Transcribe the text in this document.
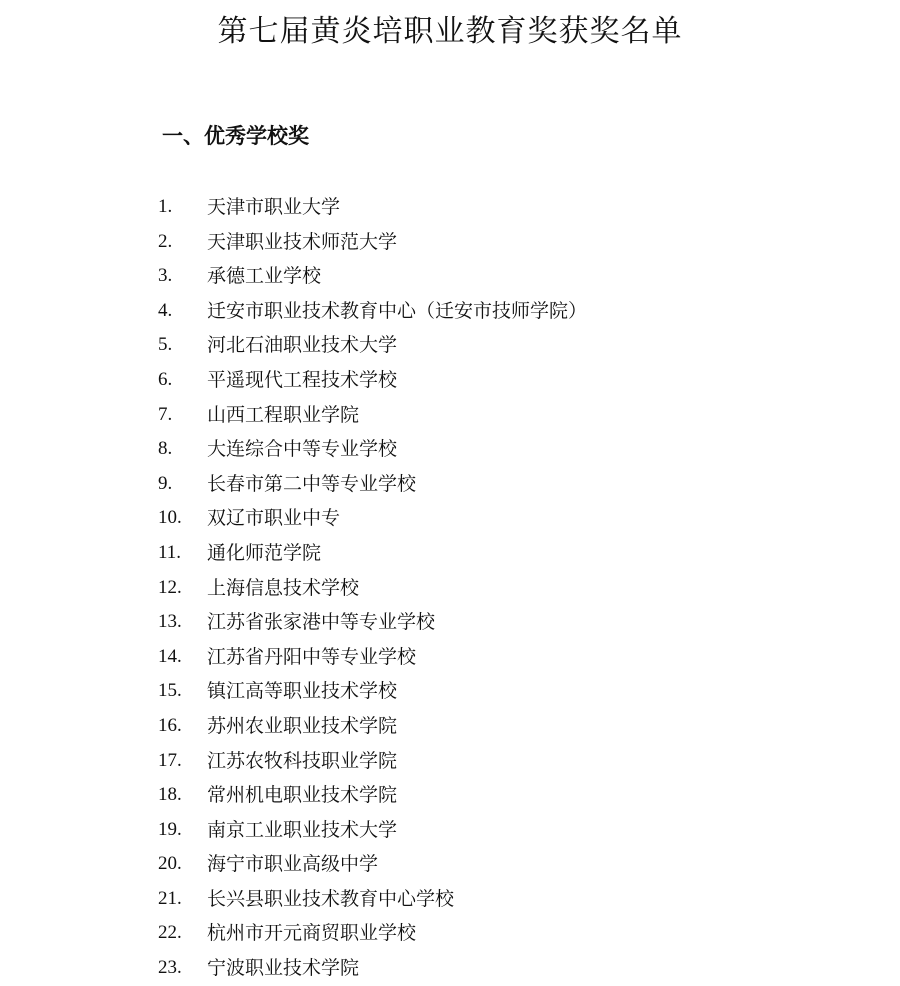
第七届黄炎培职业教育奖获奖名单
一、优秀学校奖
1.	天津市职业大学
2.	天津职业技术师范大学
3.	承德工业学校
4.	迁安市职业技术教育中心（迁安市技师学院）
5.	河北石油职业技术大学
6.	平遥现代工程技术学校
7.	山西工程职业学院
8.	大连综合中等专业学校
9.	长春市第二中等专业学校
10.	双辽市职业中专
11.	通化师范学院
12.	上海信息技术学校
13.	江苏省张家港中等专业学校
14.	江苏省丹阳中等专业学校
15.	镇江高等职业技术学校
16.	苏州农业职业技术学院
17.	江苏农牧科技职业学院
18.	常州机电职业技术学院
19.	南京工业职业技术大学
20.	海宁市职业高级中学
21.	长兴县职业技术教育中心学校
22.	杭州市开元商贸职业学校
23.	宁波职业技术学院
